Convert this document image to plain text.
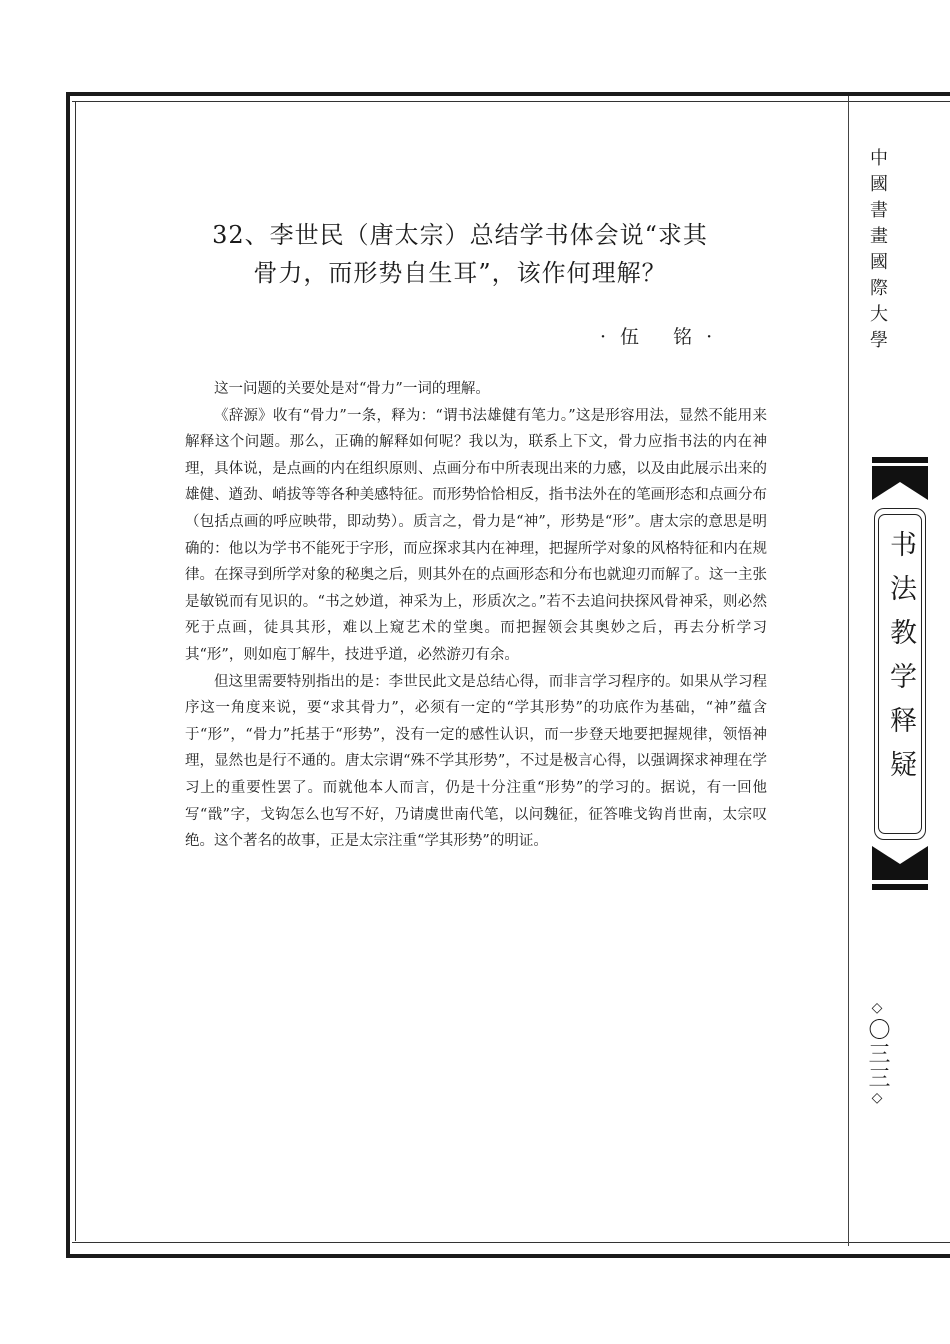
32、李世民（唐太宗）总结学书体会说“求其
骨力，而形势自生耳”，该作何理解？
·伍 铭·

这一问题的关要处是对“骨力”一词的理解。

《辞源》收有“骨力”一条，释为：“谓书法雄健有笔力。”这是形容用法，显然不能用来解释这个问题。那么，正确的解释如何呢？我以为，联系上下文，骨力应指书法的内在神理，具体说，是点画的内在组织原则、点画分布中所表现出来的力感，以及由此展示出来的雄健、遒劲、峭拔等等各种美感特征。而形势恰恰相反，指书法外在的笔画形态和点画分布（包括点画的呼应映带，即动势）。质言之，骨力是“神”，形势是“形”。唐太宗的意思是明确的：他以为学书不能死于字形，而应探求其内在神理，把握所学对象的风格特征和内在规律。在探寻到所学对象的秘奥之后，则其外在的点画形态和分布也就迎刃而解了。这一主张是敏锐而有见识的。“书之妙道，神采为上，形质次之。”若不去追问抉探风骨神采，则必然死于点画，徒具其形，难以上窥艺术的堂奥。而把握领会其奥妙之后，再去分析学习其“形”，则如庖丁解牛，技进乎道，必然游刃有余。

但这里需要特别指出的是：李世民此文是总结心得，而非言学习程序的。如果从学习程序这一角度来说，要“求其骨力”，必须有一定的“学其形势”的功底作为基础，“神”蕴含于“形”，“骨力”托基于“形势”，没有一定的感性认识，而一步登天地要把握规律，领悟神理，显然也是行不通的。唐太宗谓“殊不学其形势”，不过是极言心得，以强调探求神理在学习上的重要性罢了。而就他本人而言，仍是十分注重“形势”的学习的。据说，有一回他写“戩”字，戈钩怎么也写不好，乃请虞世南代笔，以问魏征，征答唯戈钩肖世南，太宗叹绝。这个著名的故事，正是太宗注重“学其形势”的明证。

中國書畫國際大學
书法教学释疑
◇〇三三◇
